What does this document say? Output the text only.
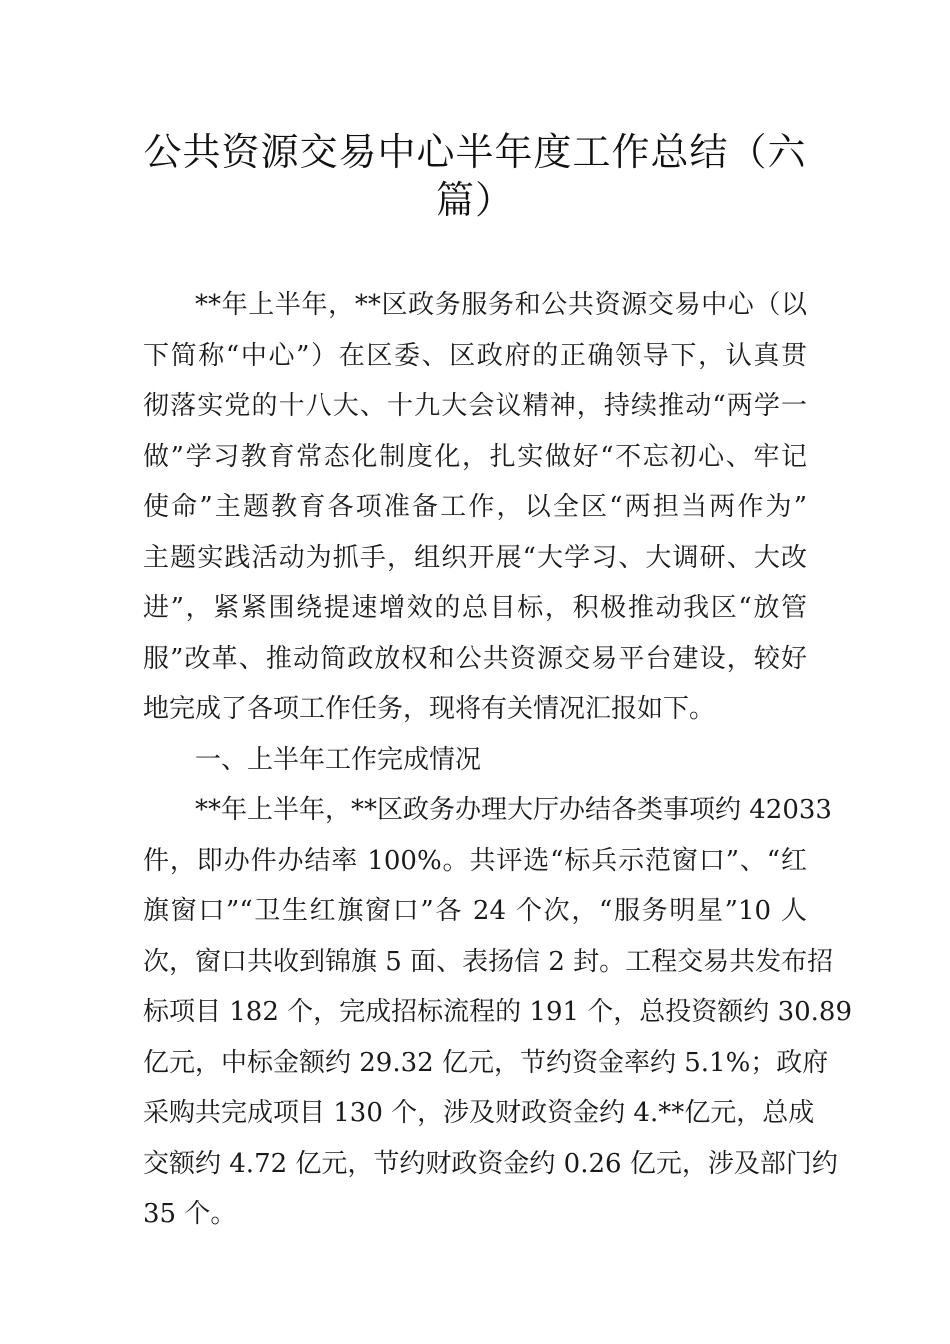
公共资源交易中心半年度工作总结（六
篇）
**年上半年，**区政务服务和公共资源交易中心（以
下简称“中心”）在区委、区政府的正确领导下，认真贯
彻落实党的十八大、十九大会议精神，持续推动“两学一
做”学习教育常态化制度化，扎实做好“不忘初心、牢记
使命”主题教育各项准备工作，以全区“两担当两作为”
主题实践活动为抓手，组织开展“大学习、大调研、大改
进”，紧紧围绕提速增效的总目标，积极推动我区“放管
服”改革、推动简政放权和公共资源交易平台建设，较好
地完成了各项工作任务，现将有关情况汇报如下。
一、上半年工作完成情况
**年上半年，**区政务办理大厅办结各类事项约 42033
件，即办件办结率 100%。共评选“标兵示范窗口”、“红
旗窗口”“卫生红旗窗口”各 24 个次，“服务明星”10 人
次，窗口共收到锦旗 5 面、表扬信 2 封。工程交易共发布招
标项目 182 个，完成招标流程的 191 个，总投资额约 30.89
亿元，中标金额约 29.32 亿元，节约资金率约 5.1%；政府
采购共完成项目 130 个，涉及财政资金约 4.**亿元，总成
交额约 4.72 亿元，节约财政资金约 0.26 亿元，涉及部门约
35 个。
